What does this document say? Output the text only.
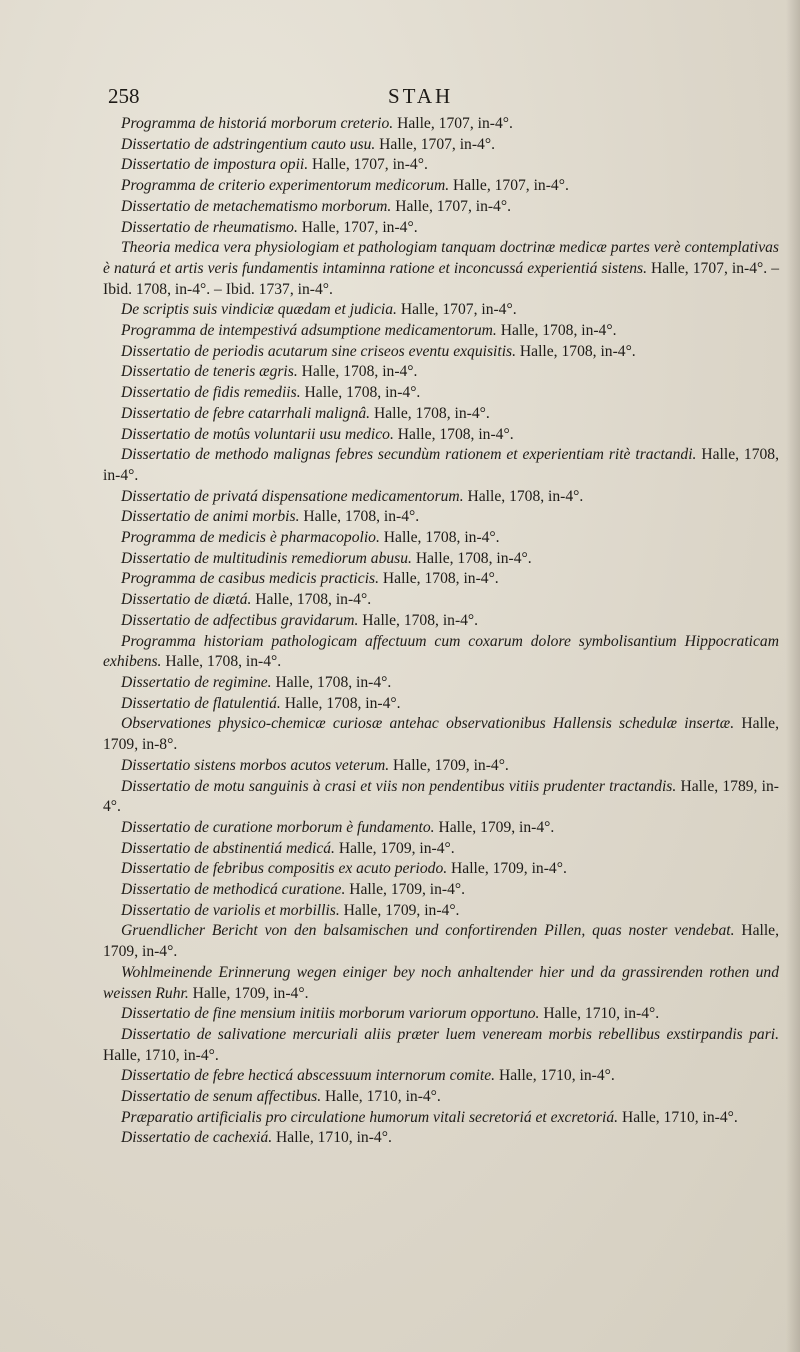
258	STAH

Programma de historiá morborum creterio. Halle, 1707, in-4°.

Dissertatio de adstringentium cauto usu. Halle, 1707, in-4°.

Dissertatio de impostura opii. Halle, 1707, in-4°.

Programma de criterio experimentorum medicorum. Halle, 1707, in-4°.

Dissertatio de metachematismo morborum. Halle, 1707, in-4°.

Dissertatio de rheumatismo. Halle, 1707, in-4°.

Theoria medica vera physiologiam et pathologiam tanquam doctrinæ medicæ partes verè contemplativas è naturá et artis veris fundamentis intaminna ratione et inconcussá experientiá sistens. Halle, 1707, in-4°. – Ibid. 1708, in-4°. – Ibid. 1737, in-4°.

De scriptis suis vindiciæ quædam et judicia. Halle, 1707, in-4°.

Programma de intempestivá adsumptione medicamentorum. Halle, 1708, in-4°.

Dissertatio de periodis acutarum sine criseos eventu exquisitis. Halle, 1708, in-4°.

Dissertatio de teneris ægris. Halle, 1708, in-4°.

Dissertatio de fidis remediis. Halle, 1708, in-4°.

Dissertatio de febre catarrhali malignâ. Halle, 1708, in-4°.

Dissertatio de motûs voluntarii usu medico. Halle, 1708, in-4°.

Dissertatio de methodo malignas febres secundùm rationem et experientiam ritè tractandi. Halle, 1708, in-4°.

Dissertatio de privatá dispensatione medicamentorum. Halle, 1708, in-4°.

Dissertatio de animi morbis. Halle, 1708, in-4°.

Programma de medicis è pharmacopolio. Halle, 1708, in-4°.

Dissertatio de multitudinis remediorum abusu. Halle, 1708, in-4°.

Programma de casibus medicis practicis. Halle, 1708, in-4°.

Dissertatio de diætá. Halle, 1708, in-4°.

Dissertatio de adfectibus gravidarum. Halle, 1708, in-4°.

Programma historiam pathologicam affectuum cum coxarum dolore symbolisantium Hippocraticam exhibens. Halle, 1708, in-4°.

Dissertatio de regimine. Halle, 1708, in-4°.

Dissertatio de flatulentiá. Halle, 1708, in-4°.

Observationes physico-chemicæ curiosæ antehac observationibus Hallensis schedulæ insertæ. Halle, 1709, in-8°.

Dissertatio sistens morbos acutos veterum. Halle, 1709, in-4°.

Dissertatio de motu sanguinis à crasi et viis non pendentibus vitiis prudenter tractandis. Halle, 1789, in-4°.

Dissertatio de curatione morborum è fundamento. Halle, 1709, in-4°.

Dissertatio de abstinentiá medicá. Halle, 1709, in-4°.

Dissertatio de febribus compositis ex acuto periodo. Halle, 1709, in-4°.

Dissertatio de methodicá curatione. Halle, 1709, in-4°.

Dissertatio de variolis et morbillis. Halle, 1709, in-4°.

Gruendlicher Bericht von den balsamischen und confortirenden Pillen, quas noster vendebat. Halle, 1709, in-4°.

Wohlmeinende Erinnerung wegen einiger bey noch anhaltender hier und da grassirenden rothen und weissen Ruhr. Halle, 1709, in-4°.

Dissertatio de fine mensium initiis morborum variorum opportuno. Halle, 1710, in-4°.

Dissertatio de salivatione mercuriali aliis præter luem veneream morbis rebellibus exstirpandis pari. Halle, 1710, in-4°.

Dissertatio de febre hecticá abscessuum internorum comite. Halle, 1710, in-4°.

Dissertatio de senum affectibus. Halle, 1710, in-4°.

Præparatio artificialis pro circulatione humorum vitali secretoriá et excretoriá. Halle, 1710, in-4°.

Dissertatio de cachexiá. Halle, 1710, in-4°.
